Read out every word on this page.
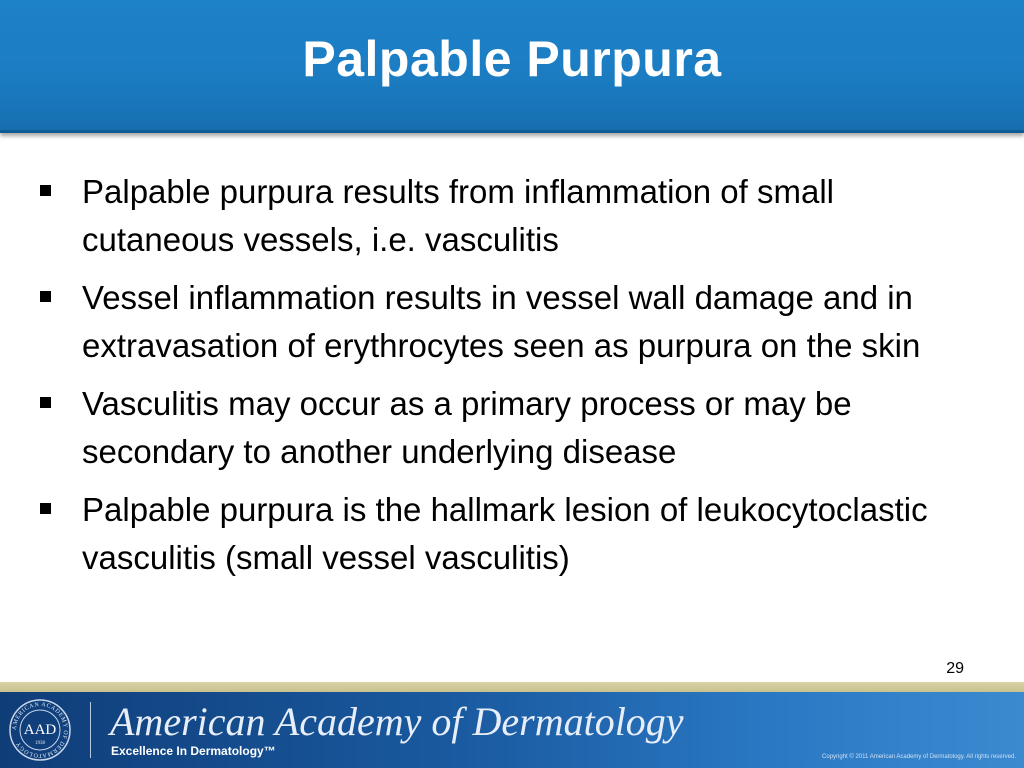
Palpable Purpura
Palpable purpura results from inflammation of small cutaneous vessels, i.e. vasculitis
Vessel inflammation results in vessel wall damage and in extravasation of erythrocytes seen as purpura on the skin
Vasculitis may occur as a primary process or may be secondary to another underlying disease
Palpable purpura is the hallmark lesion of leukocytoclastic vasculitis (small vessel vasculitis)
29
AMERICAN ACADEMY OF DERMATOLOGY
AAD
1938 American Academy of Dermatology
Excellence In Dermatology™	Copyright © 2011 American Academy of Dermatology. All rights reserved.
